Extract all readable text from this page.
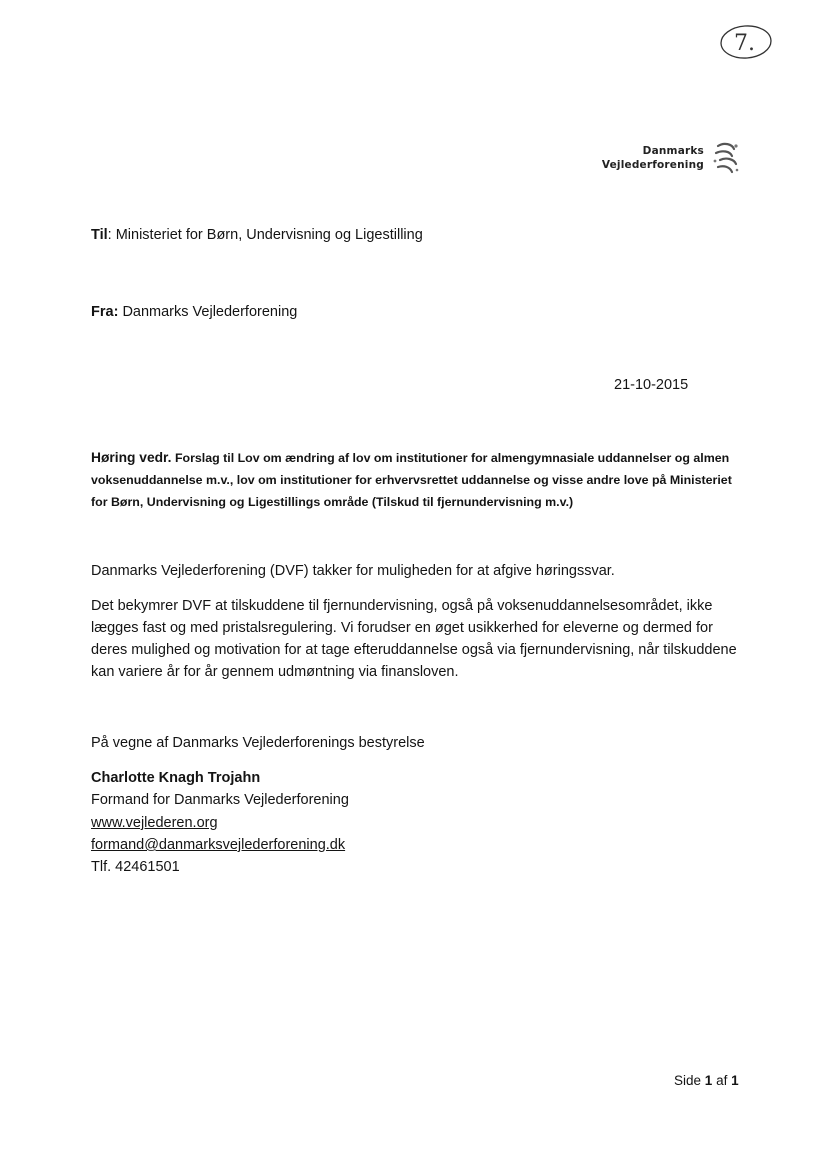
7.
Danmarks
Vejlederforening
Til: Ministeriet for Børn, Undervisning og Ligestilling
Fra: Danmarks Vejlederforening
21-10-2015
Høring vedr. Forslag til Lov om ændring af lov om institutioner for almengymnasiale uddannelser og almen voksenuddannelse m.v., lov om institutioner for erhvervsrettet uddannelse og visse andre love på Ministeriet for Børn, Undervisning og Ligestillings område (Tilskud til fjernundervisning m.v.)
Danmarks Vejlederforening (DVF) takker for muligheden for at afgive høringssvar.
Det bekymrer DVF at tilskuddene til fjernundervisning, også på voksenuddannelsesområdet, ikke lægges fast og med pristalsregulering. Vi forudser en øget usikkerhed for eleverne og dermed for deres mulighed og motivation for at tage efteruddannelse også via fjernundervisning, når tilskuddene kan variere år for år gennem udmøntning via finansloven.
På vegne af Danmarks Vejlederforenings bestyrelse
Charlotte Knagh Trojahn
Formand for Danmarks Vejlederforening
www.vejlederen.org
formand@danmarksvejlederforening.dk
Tlf. 42461501
Side 1 af 1
